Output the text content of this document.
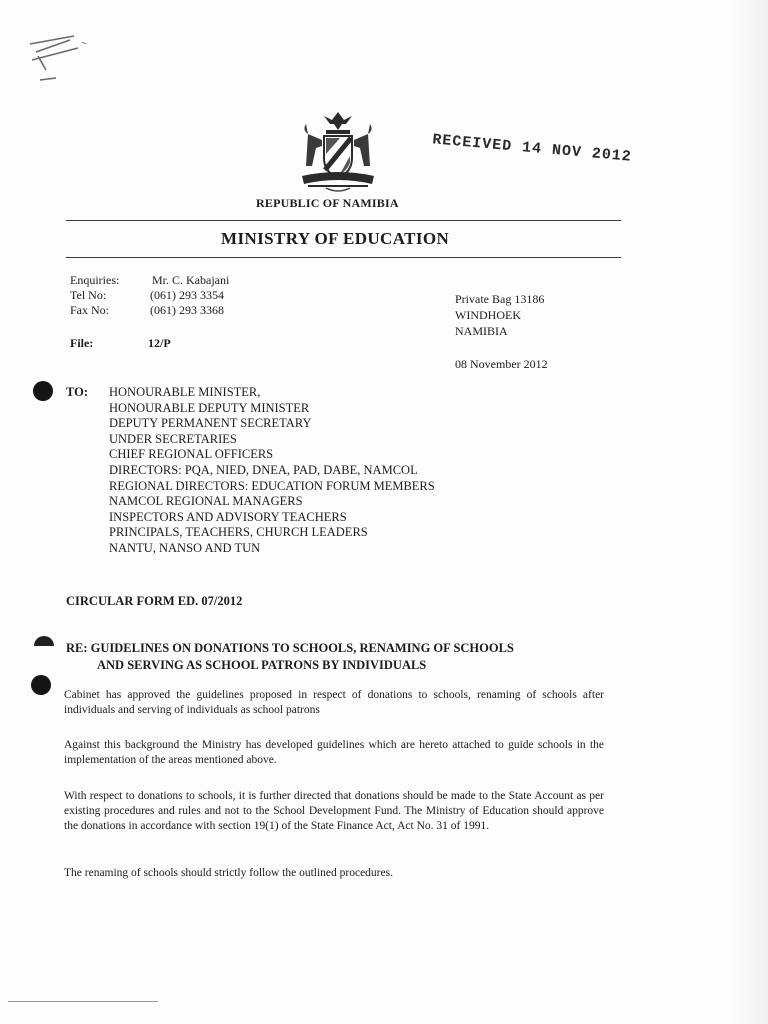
RECEIVED 14 NOV 2012
REPUBLIC OF NAMIBIA
MINISTRY OF EDUCATION
Enquiries:	Mr. C. Kabajani
Tel No:	(061) 293 3354
Fax No:	(061) 293 3368
File:	12/P
Private Bag 13186
WINDHOEK
NAMIBIA
08 November 2012
TO: HONOURABLE MINISTER,
HONOURABLE DEPUTY MINISTER
DEPUTY PERMANENT SECRETARY
UNDER SECRETARIES
CHIEF REGIONAL OFFICERS
DIRECTORS: PQA, NIED, DNEA, PAD, DABE, NAMCOL
REGIONAL DIRECTORS: EDUCATION FORUM MEMBERS
NAMCOL REGIONAL MANAGERS
INSPECTORS AND ADVISORY TEACHERS
PRINCIPALS, TEACHERS, CHURCH LEADERS
NANTU, NANSO AND TUN
CIRCULAR FORM ED. 07/2012
RE: GUIDELINES ON DONATIONS TO SCHOOLS, RENAMING OF SCHOOLS
AND SERVING AS SCHOOL PATRONS BY INDIVIDUALS
Cabinet has approved the guidelines proposed in respect of donations to schools, renaming of schools after individuals and serving of individuals as school patrons
Against this background the Ministry has developed guidelines which are hereto attached to guide schools in the implementation of the areas mentioned above.
With respect to donations to schools, it is further directed that donations should be made to the State Account as per existing procedures and rules and not to the School Development Fund. The Ministry of Education should approve the donations in accordance with section 19(1) of the State Finance Act, Act No. 31 of 1991.
The renaming of schools should strictly follow the outlined procedures.
